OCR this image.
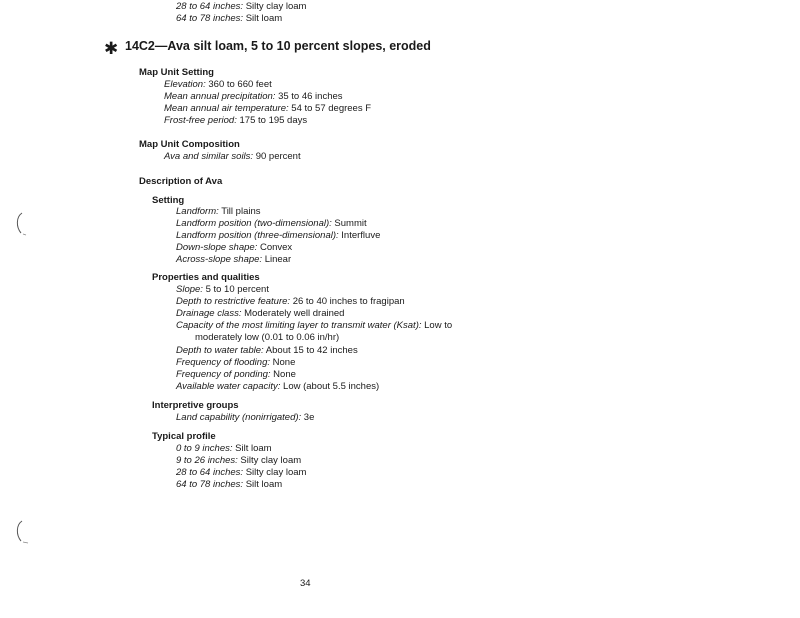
28 to 64 inches: Silty clay loam
64 to 78 inches: Silt loam
✱ 14C2—Ava silt loam, 5 to 10 percent slopes, eroded
Map Unit Setting
Elevation: 360 to 660 feet
Mean annual precipitation: 35 to 46 inches
Mean annual air temperature: 54 to 57 degrees F
Frost-free period: 175 to 195 days
Map Unit Composition
Ava and similar soils: 90 percent
Description of Ava
Setting
Landform: Till plains
Landform position (two-dimensional): Summit
Landform position (three-dimensional): Interfluve
Down-slope shape: Convex
Across-slope shape: Linear
Properties and qualities
Slope: 5 to 10 percent
Depth to restrictive feature: 26 to 40 inches to fragipan
Drainage class: Moderately well drained
Capacity of the most limiting layer to transmit water (Ksat): Low to
moderately low (0.01 to 0.06 in/hr)
Depth to water table: About 15 to 42 inches
Frequency of flooding: None
Frequency of ponding: None
Available water capacity: Low (about 5.5 inches)
Interpretive groups
Land capability (nonirrigated): 3e
Typical profile
0 to 9 inches: Silt loam
9 to 26 inches: Silty clay loam
28 to 64 inches: Silty clay loam
64 to 78 inches: Silt loam
34
